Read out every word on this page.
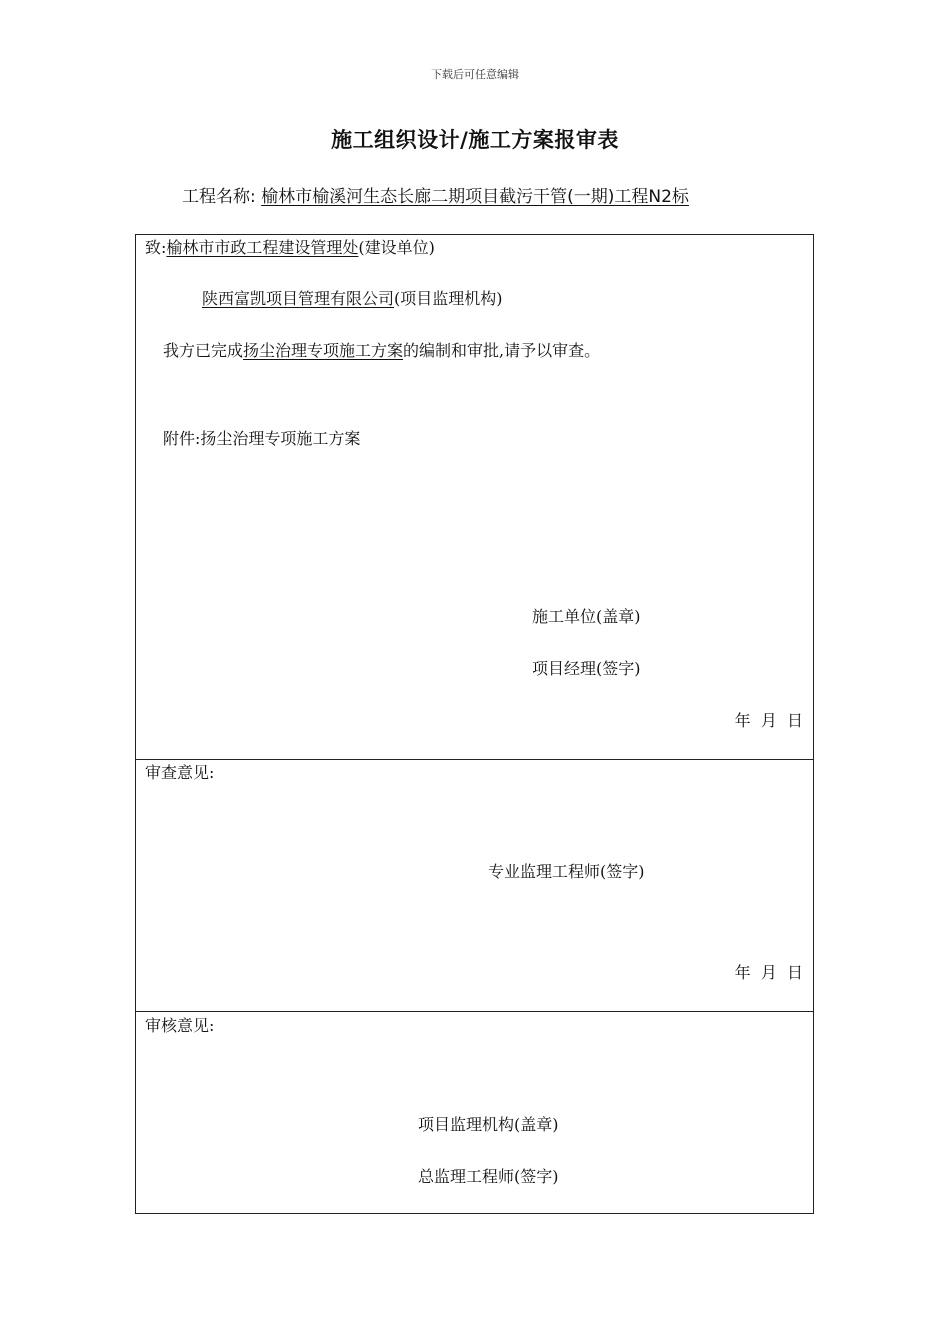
下载后可任意编辑
施工组织设计/施工方案报审表
工程名称: 榆林市榆溪河生态长廊二期项目截污干管(一期)工程N2标
致:榆林市市政工程建设管理处(建设单位)
陕西富凯项目管理有限公司(项目监理机构)
我方已完成扬尘治理专项施工方案的编制和审批,请予以审查。
附件:扬尘治理专项施工方案
施工单位(盖章)
项目经理(签字)
年  月  日
审查意见:
专业监理工程师(签字)
年  月  日
审核意见:
项目监理机构(盖章)
总监理工程师(签字)
